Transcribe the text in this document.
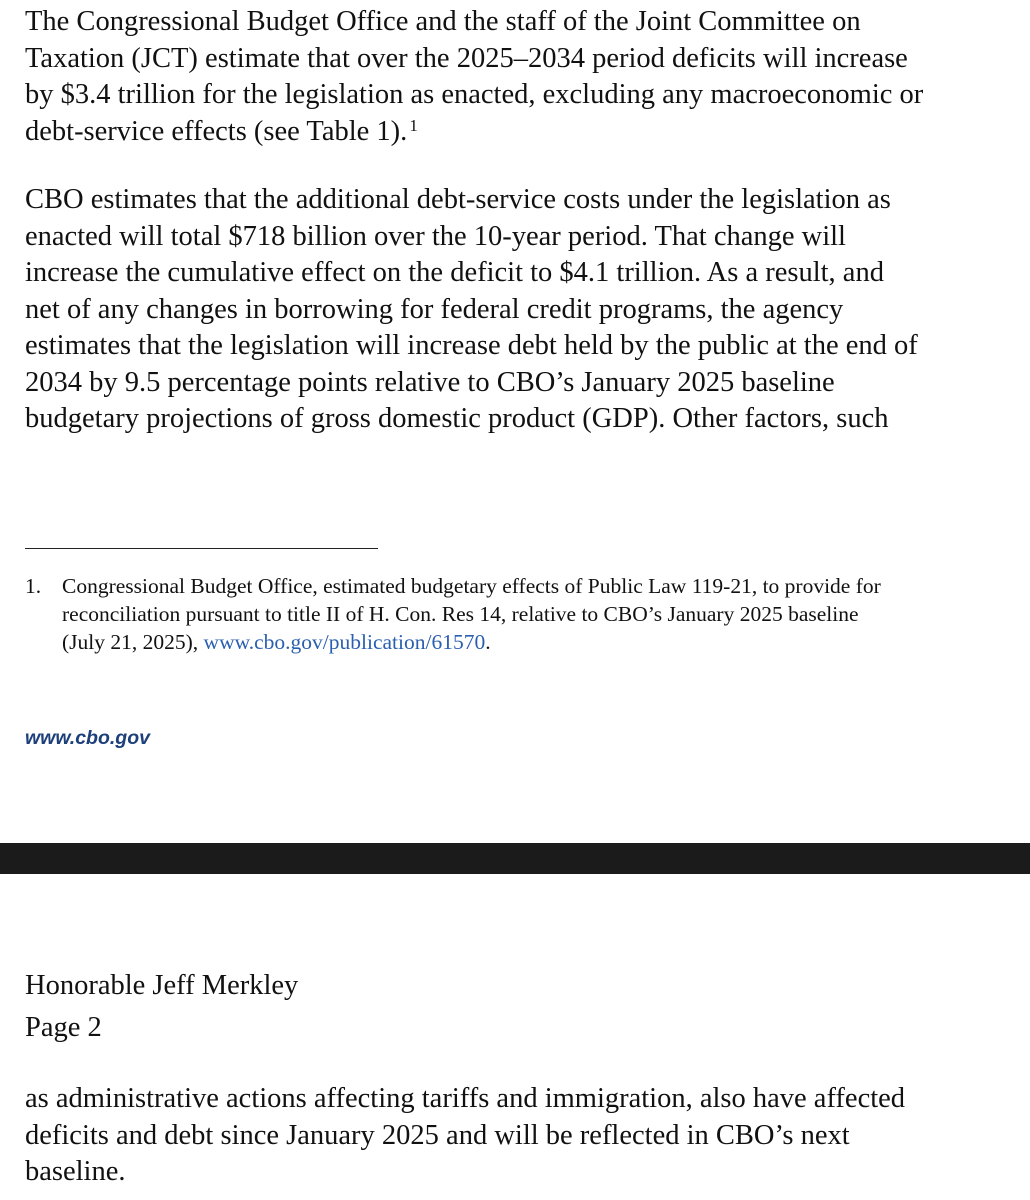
The Congressional Budget Office and the staff of the Joint Committee on
Taxation (JCT) estimate that over the 2025–2034 period deficits will increase
by $3.4 trillion for the legislation as enacted, excluding any macroeconomic or
debt-service effects (see Table 1). $^1$
CBO estimates that the additional debt-service costs under the legislation as
enacted will total $718 billion over the 10-year period. That change will
increase the cumulative effect on the deficit to $4.1 trillion. As a result, and
net of any changes in borrowing for federal credit programs, the agency
estimates that the legislation will increase debt held by the public at the end of
2034 by 9.5 percentage points relative to CBO’s January 2025 baseline
budgetary projections of gross domestic product (GDP). Other factors, such
1. Congressional Budget Office, estimated budgetary effects of Public Law 119-21, to provide for
reconciliation pursuant to title II of H. Con. Res 14, relative to CBO’s January 2025 baseline
(July 21, 2025), www.cbo.gov/publication/61570.
www.cbo.gov
Honorable Jeff Merkley
Page 2
as administrative actions affecting tariffs and immigration, also have affected
deficits and debt since January 2025 and will be reflected in CBO’s next
baseline.
